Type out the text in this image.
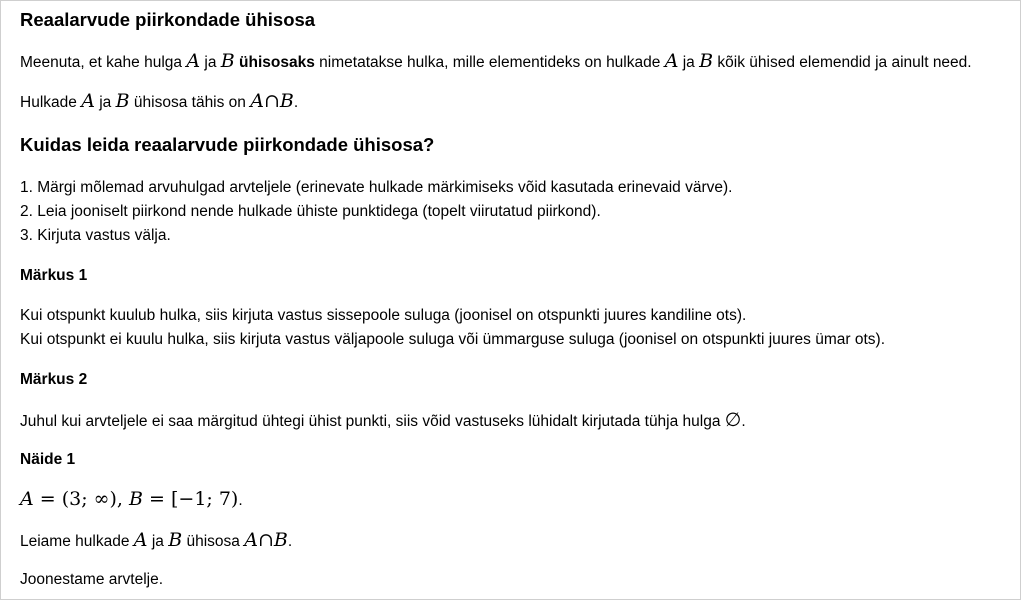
Reaalarvude piirkondade ühisosa
Meenuta, et kahe hulga A ja B ühisosaks nimetatakse hulka, mille elementideks on hulkade A ja B kõik ühised elemendid ja ainult need.
Hulkade A ja B ühisosa tähis on A∩B.
Kuidas leida reaalarvude piirkondade ühisosa?
1. Märgi mõlemad arvuhulgad arvteljele (erinevate hulkade märkimiseks võid kasutada erinevaid värve).
2. Leia jooniselt piirkond nende hulkade ühiste punktidega (topelt viirutatud piirkond).
3. Kirjuta vastus välja.
Märkus 1
Kui otspunkt kuulub hulka, siis kirjuta vastus sissepoole suluga (joonisel on otspunkti juures kandiline ots).
Kui otspunkt ei kuulu hulka, siis kirjuta vastus väljapoole suluga või ümmarguse suluga (joonisel on otspunkti juures ümar ots).
Märkus 2
Juhul kui arvteljele ei saa märgitud ühtegi ühist punkti, siis võid vastuseks lühidalt kirjutada tühja hulga ∅.
Näide 1
A = (3; ∞), B = [−1; 7).
Leiame hulkade A ja B ühisosa A∩B.
Joonestame arvtelje.
